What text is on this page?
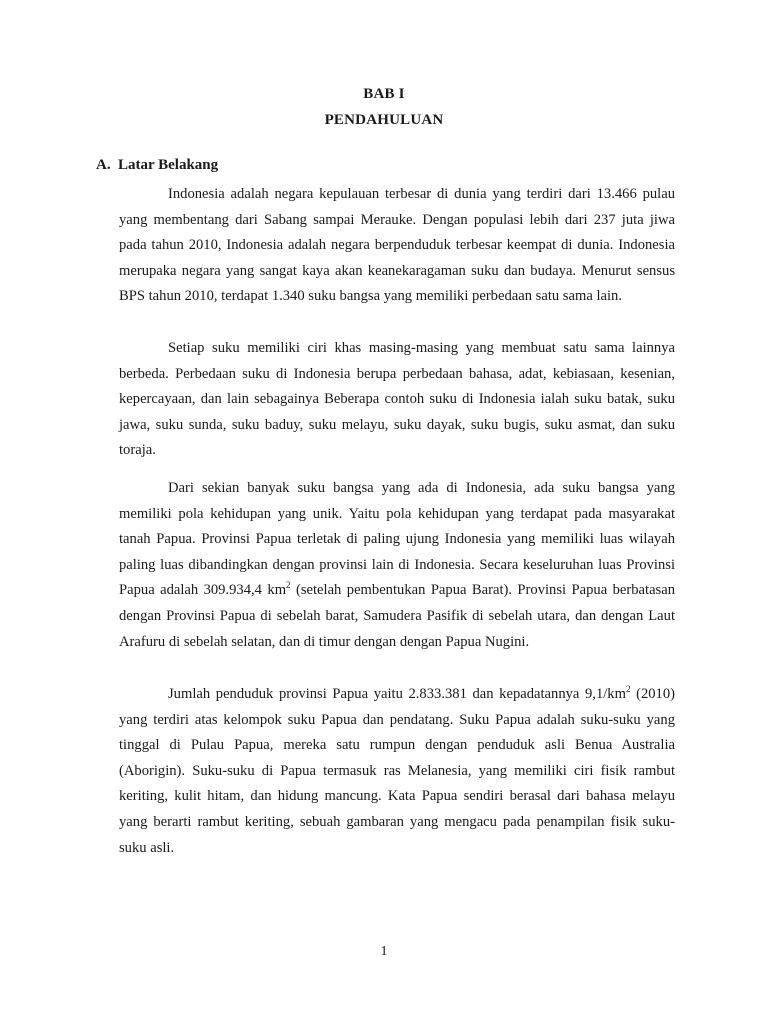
BAB I
PENDAHULUAN
A. Latar Belakang

Indonesia adalah negara kepulauan terbesar di dunia yang terdiri dari 13.466 pulau yang membentang dari Sabang sampai Merauke. Dengan populasi lebih dari 237 juta jiwa pada tahun 2010, Indonesia adalah negara berpenduduk terbesar keempat di dunia. Indonesia merupaka negara yang sangat kaya akan keanekaragaman suku dan budaya. Menurut sensus BPS tahun 2010, terdapat 1.340 suku bangsa yang memiliki perbedaan satu sama lain.

Setiap suku memiliki ciri khas masing-masing yang membuat satu sama lainnya berbeda. Perbedaan suku di Indonesia berupa perbedaan bahasa, adat, kebiasaan, kesenian, kepercayaan, dan lain sebagainya Beberapa contoh suku di Indonesia ialah suku batak, suku jawa, suku sunda, suku baduy, suku melayu, suku dayak, suku bugis, suku asmat, dan suku toraja.

Dari sekian banyak suku bangsa yang ada di Indonesia, ada suku bangsa yang memiliki pola kehidupan yang unik. Yaitu pola kehidupan yang terdapat pada masyarakat tanah Papua. Provinsi Papua terletak di paling ujung Indonesia yang memiliki luas wilayah paling luas dibandingkan dengan provinsi lain di Indonesia. Secara keseluruhan luas Provinsi Papua adalah 309.934,4 $km^2$ (setelah pembentukan Papua Barat). Provinsi Papua berbatasan dengan Provinsi Papua di sebelah barat, Samudera Pasifik di sebelah utara, dan dengan Laut Arafuru di sebelah selatan, dan di timur dengan dengan Papua Nugini.

Jumlah penduduk provinsi Papua yaitu 2.833.381 dan kepadatannya $9,1/km^2$ (2010) yang terdiri atas kelompok suku Papua dan pendatang. Suku Papua adalah suku-suku yang tinggal di Pulau Papua, mereka satu rumpun dengan penduduk asli Benua Australia (Aborigin). Suku-suku di Papua termasuk ras Melanesia, yang memiliki ciri fisik rambut keriting, kulit hitam, dan hidung mancung. Kata Papua sendiri berasal dari bahasa melayu yang berarti rambut keriting, sebuah gambaran yang mengacu pada penampilan fisik suku-suku asli.

1
